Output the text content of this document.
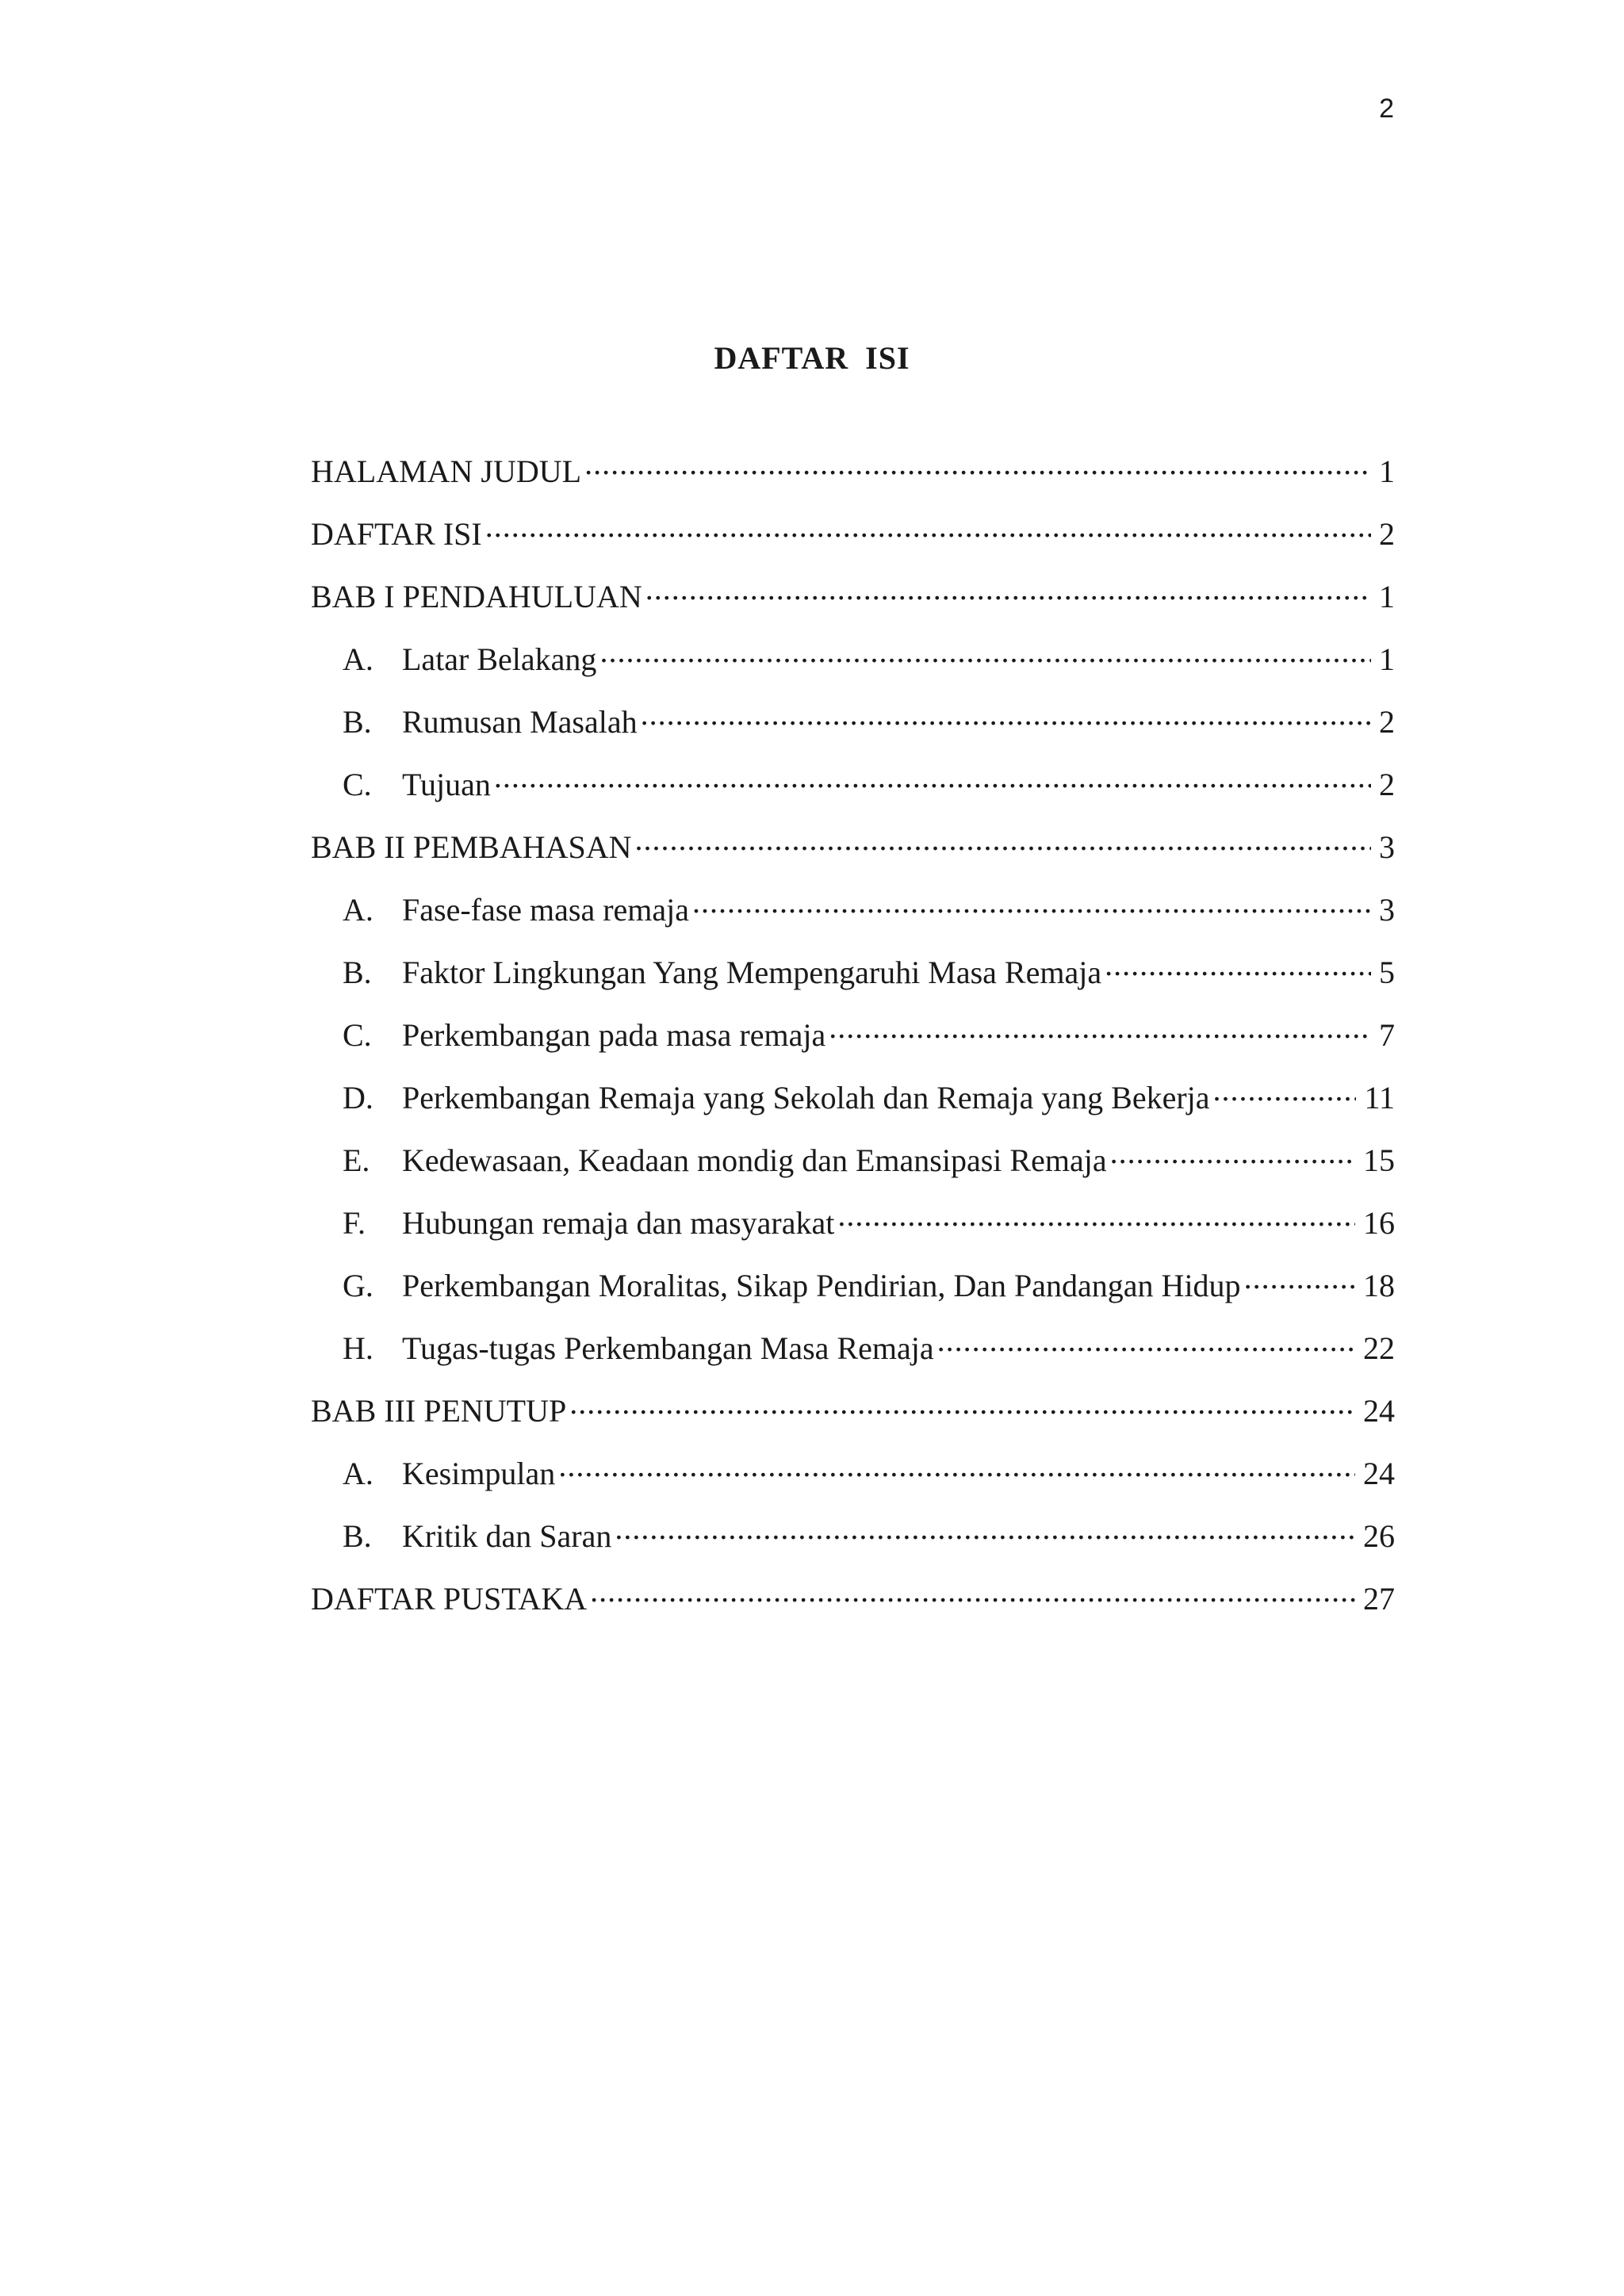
2
DAFTAR ISI
HALAMAN JUDUL .....	1
DAFTAR ISI .....	2
BAB I PENDAHULUAN .....	1
A. Latar Belakang .....	1
B. Rumusan Masalah .....	2
C. Tujuan .....	2
BAB II PEMBAHASAN .....	3
A. Fase-fase masa remaja .....	3
B. Faktor Lingkungan Yang Mempengaruhi Masa Remaja .....	5
C. Perkembangan pada masa remaja .....	7
D. Perkembangan Remaja yang Sekolah dan Remaja yang Bekerja .....	11
E.	Kedewasaan, Keadaan mondig dan Emansipasi Remaja .....	15
F.	Hubungan remaja dan masyarakat .....	16
G. Perkembangan Moralitas, Sikap Pendirian, Dan Pandangan Hidup .....	18
H. Tugas-tugas Perkembangan Masa Remaja .....	22
BAB III PENUTUP .....	24
A. Kesimpulan .....	24
B. Kritik dan Saran .....	26
DAFTAR PUSTAKA .....	27
